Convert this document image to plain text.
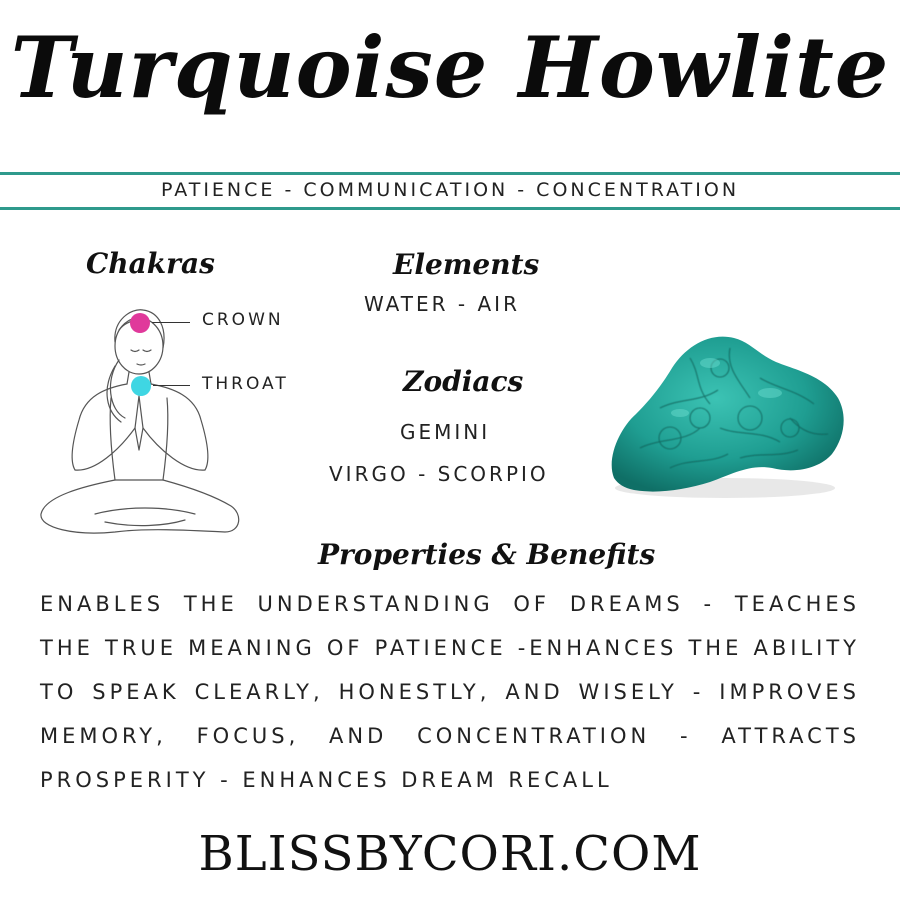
Turquoise Howlite
PATIENCE - COMMUNICATION - CONCENTRATION
Chakras
CROWN
THROAT
Elements
WATER - AIR
Zodiacs
GEMINI
VIRGO - SCORPIO
Properties & Benefits
ENABLES THE UNDERSTANDING OF DREAMS - TEACHES THE TRUE MEANING OF PATIENCE -ENHANCES THE ABILITY TO SPEAK CLEARLY, HONESTLY, AND WISELY - IMPROVES MEMORY, FOCUS, AND CONCENTRATION - ATTRACTS PROSPERITY - ENHANCES DREAM RECALL
BLISSBYCORI.COM
